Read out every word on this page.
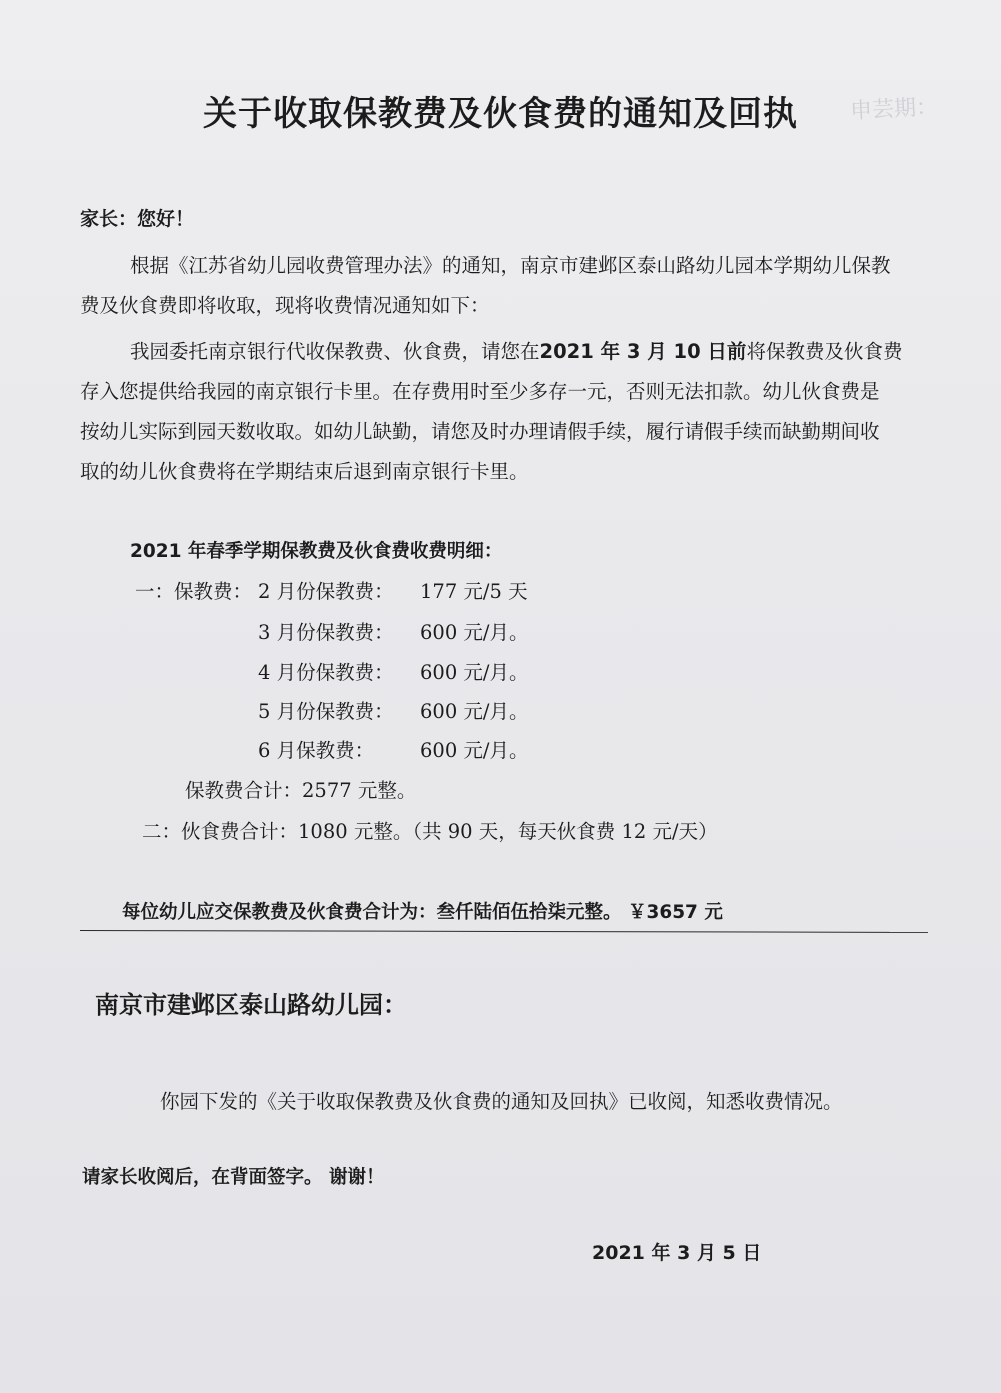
申芸期：
关于收取保教费及伙食费的通知及回执
家长：您好！
根据《江苏省幼儿园收费管理办法》的通知，南京市建邺区泰山路幼儿园本学期幼儿保教
费及伙食费即将收取，现将收费情况通知如下：
我园委托南京银行代收保教费、伙食费，请您在2021 年 3 月 10 日前将保教费及伙食费
存入您提供给我园的南京银行卡里。在存费用时至少多存一元，否则无法扣款。幼儿伙食费是
按幼儿实际到园天数收取。如幼儿缺勤，请您及时办理请假手续，履行请假手续而缺勤期间收
取的幼儿伙食费将在学期结束后退到南京银行卡里。
2021 年春季学期保教费及伙食费收费明细：
一：保教费： 2 月份保教费： 177 元/5 天
3 月份保教费： 600 元/月。
4 月份保教费： 600 元/月。
5 月份保教费： 600 元/月。
6 月保教费： 600 元/月。
保教费合计：2577 元整。
二：伙食费合计：1080 元整。（共 90 天，每天伙食费 12 元/天）
每位幼儿应交保教费及伙食费合计为：叁仟陆佰伍拾柒元整。 ￥3657 元
南京市建邺区泰山路幼儿园：
你园下发的《关于收取保教费及伙食费的通知及回执》已收阅，知悉收费情况。
请家长收阅后，在背面签字。 谢谢！
2021 年 3 月 5 日
